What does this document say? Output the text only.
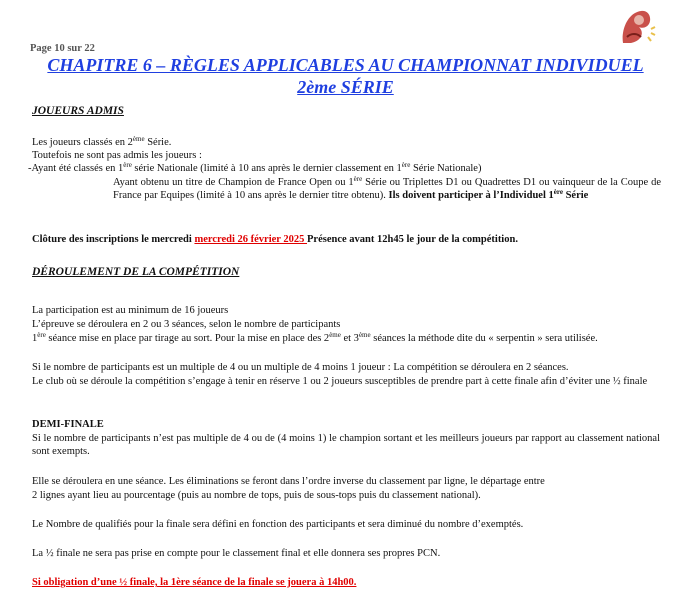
Page 10 sur 22
CHAPITRE 6 – RÈGLES APPLICABLES AU CHAMPIONNAT INDIVIDUEL
2ème SÉRIE
JOUEURS ADMIS
Les joueurs classés en 2ème Série.
Toutefois ne sont pas admis les joueurs :
-Ayant été classés en 1ère série Nationale (limité à 10 ans après le dernier classement en 1ère Série Nationale)
Ayant obtenu un titre de Champion de France Open ou 1ère Série ou Triplettes D1 ou Quadrettes D1 ou vainqueur de la Coupe de France par Equipes (limité à 10 ans après le dernier titre obtenu). Ils doivent participer à l’Individuel 1ère Série
Clôture des inscriptions le mercredi mercredi 26 février 2025 Présence avant 12h45 le jour de la compétition.
DÉROULEMENT DE LA COMPÉTITION
La participation est au minimum de 16 joueurs
L’épreuve se déroulera en 2 ou 3 séances, selon le nombre de participants
1ère séance mise en place par tirage au sort. Pour la mise en place des 2ème et 3ème séances la méthode dite du « serpentin » sera utilisée.
Si le nombre de participants est un multiple de 4 ou un multiple de 4 moins 1 joueur : La compétition se déroulera en 2 séances.
Le club où se déroule la compétition s’engage à tenir en réserve 1 ou 2 joueurs susceptibles de prendre part à cette finale afin d’éviter une ½ finale
DEMI-FINALE
Si le nombre de participants n’est pas multiple de 4 ou de (4 moins 1) le champion sortant et les meilleurs joueurs par rapport au classement national sont exempts.
Elle se déroulera en une séance. Les éliminations se feront dans l’ordre inverse du classement par ligne, le départage entre
2 lignes ayant lieu au pourcentage (puis au nombre de tops, puis de sous-tops puis du classement national).
Le Nombre de qualifiés pour la finale sera défini en fonction des participants et sera diminué du nombre d’exemptés.
La ½ finale ne sera pas prise en compte pour le classement final et elle donnera ses propres PCN.
Si obligation d’une ½ finale, la 1ère séance de la finale se jouera à 14h00.
